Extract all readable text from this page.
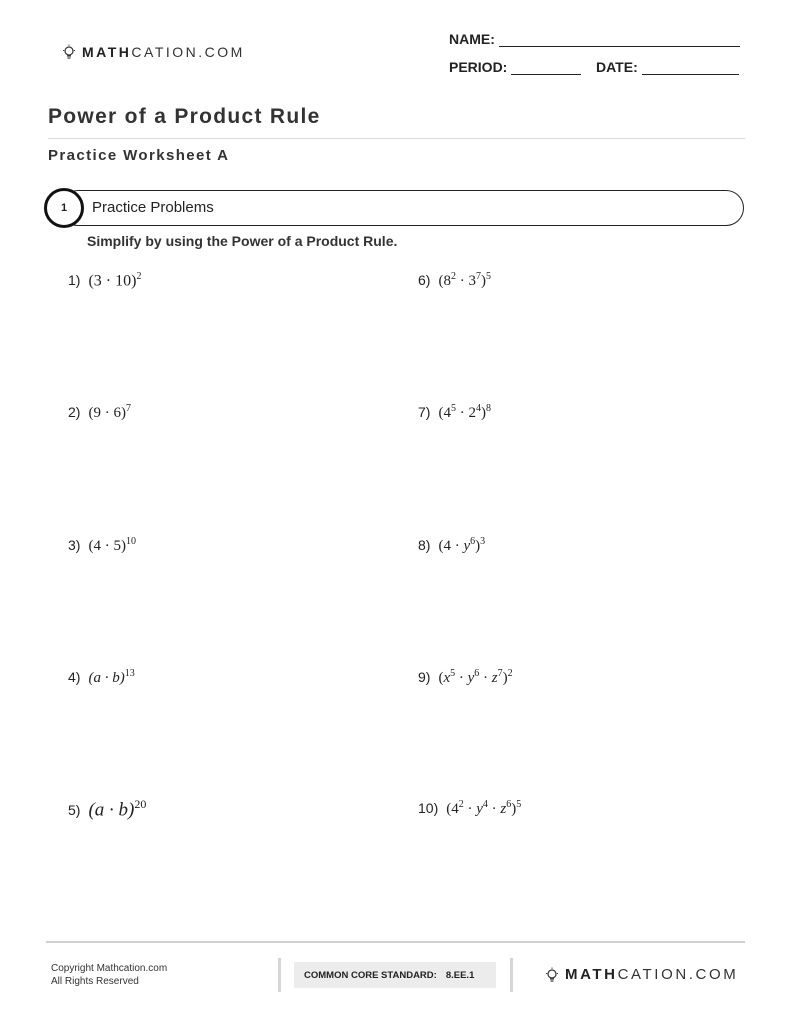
MATHCATION.COM
NAME:
PERIOD:	DATE:
Power of a Product Rule
Practice Worksheet A
1	Practice Problems
Simplify by using the Power of a Product Rule.
1) $(3 \cdot 10)^2$
2) $(9 \cdot 6)^7$
3) $(4 \cdot 5)^{10}$
4) $(a \cdot b)^{13}$
5) $(a \cdot b)^{20}$
6) $(8^2 \cdot 3^7)^5$
7) $(4^5 \cdot 2^4)^8$
8) $(4 \cdot y^6)^3$
9) $(x^5 \cdot y^6 \cdot z^7)^2$
10) $(4^2 \cdot y^4 \cdot z^6)^5$
Copyright Mathcation.com
All Rights Reserved
COMMON CORE STANDARD: 8.EE.1	MATHCATION.COM
